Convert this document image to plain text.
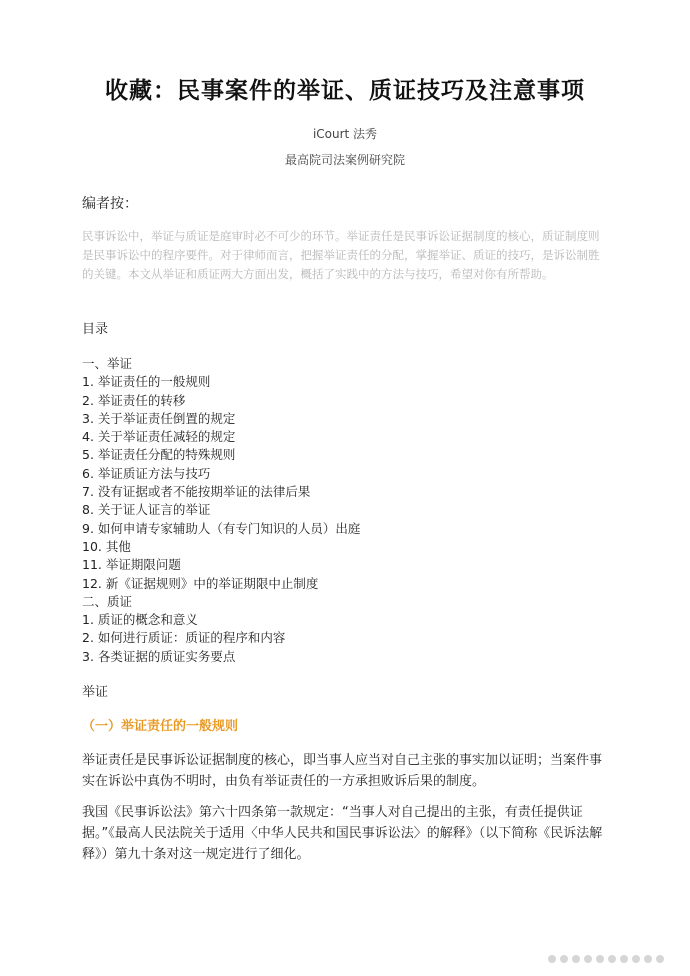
收藏：民事案件的举证、质证技巧及注意事项
iCourt 法秀
最高院司法案例研究院
编者按：
民事诉讼中，举证与质证是庭审时必不可少的环节。举证责任是民事诉讼证据制度的核心，质证制度则是民事诉讼中的程序要件。对于律师而言，把握举证责任的分配，掌握举证、质证的技巧，是诉讼制胜的关键。本文从举证和质证两大方面出发，概括了实践中的方法与技巧，希望对你有所帮助。
目录
一、举证
1. 举证责任的一般规则
2. 举证责任的转移
3. 关于举证责任倒置的规定
4. 关于举证责任减轻的规定
5. 举证责任分配的特殊规则
6. 举证质证方法与技巧
7. 没有证据或者不能按期举证的法律后果
8. 关于证人证言的举证
9. 如何申请专家辅助人（有专门知识的人员）出庭
10. 其他
11. 举证期限问题
12. 新《证据规则》中的举证期限中止制度
二、质证
1. 质证的概念和意义
2. 如何进行质证：质证的程序和内容
3. 各类证据的质证实务要点
举证
（一）举证责任的一般规则
举证责任是民事诉讼证据制度的核心，即当事人应当对自己主张的事实加以证明；当案件事实在诉讼中真伪不明时，由负有举证责任的一方承担败诉后果的制度。
我国《民事诉讼法》第六十四条第一款规定：“当事人对自己提出的主张，有责任提供证据。”《最高人民法院关于适用〈中华人民共和国民事诉讼法〉的解释》（以下简称《民诉法解释》）第九十条对这一规定进行了细化。
